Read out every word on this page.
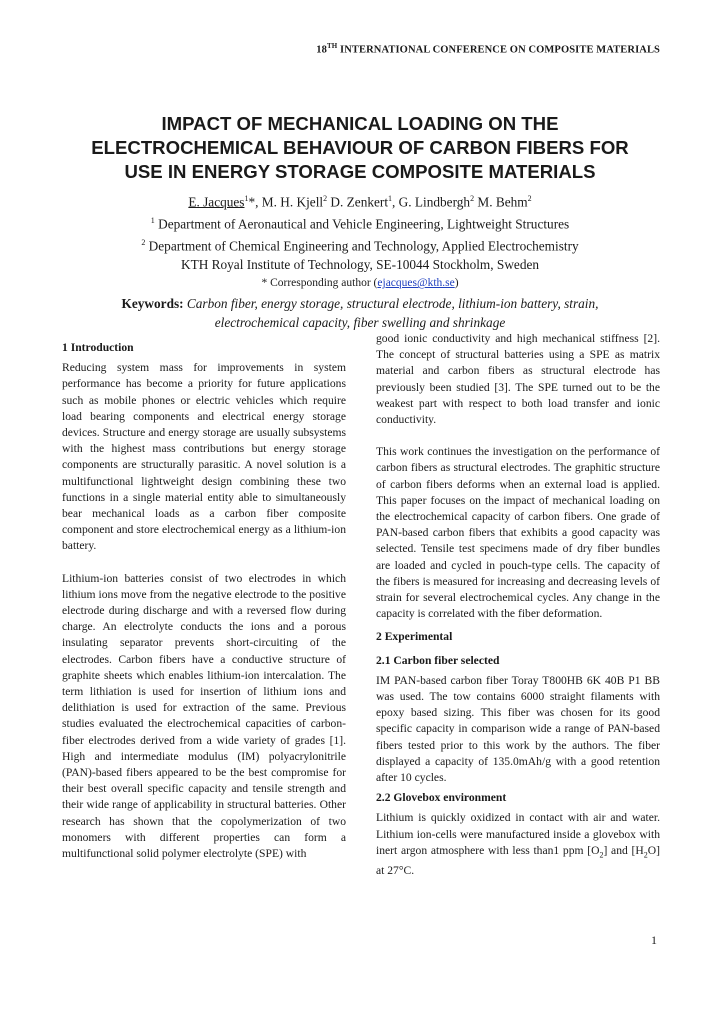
18TH INTERNATIONAL CONFERENCE ON COMPOSITE MATERIALS
IMPACT OF MECHANICAL LOADING ON THE
ELECTROCHEMICAL BEHAVIOUR OF CARBON FIBERS FOR
USE IN ENERGY STORAGE COMPOSITE MATERIALS
E. Jacques$^1$*, M. H. Kjell$^2$ D. Zenkert$^1$, G. Lindbergh$^2$ M. Behm$^2$
$^1$ Department of Aeronautical and Vehicle Engineering, Lightweight Structures
$^2$ Department of Chemical Engineering and Technology, Applied Electrochemistry
KTH Royal Institute of Technology, SE-10044 Stockholm, Sweden
* Corresponding author (ejacques@kth.se)
Keywords: Carbon fiber, energy storage, structural electrode, lithium-ion battery, strain, electrochemical capacity, fiber swelling and shrinkage
1 Introduction

Reducing system mass for improvements in system performance has become a priority for future applications such as mobile phones or electric vehicles which require load bearing components and electrical energy storage devices. Structure and energy storage are usually subsystems with the highest mass contributions but energy storage components are structurally parasitic. A novel solution is a multifunctional lightweight design combining these two functions in a single material entity able to simultaneously bear mechanical loads as a carbon fiber composite component and store electrochemical energy as a lithium-ion battery.

Lithium-ion batteries consist of two electrodes in which lithium ions move from the negative electrode to the positive electrode during discharge and with a reversed flow during charge. An electrolyte conducts the ions and a porous insulating separator prevents short-circuiting of the electrodes. Carbon fibers have a conductive structure of graphite sheets which enables lithium-ion intercalation. The term lithiation is used for insertion of lithium ions and delithiation is used for extraction of the same. Previous studies evaluated the electrochemical capacities of carbon-fiber electrodes derived from a wide variety of grades [1]. High and intermediate modulus (IM) polyacrylonitrile (PAN)-based fibers appeared to be the best compromise for their best overall specific capacity and tensile strength and their wide range of applicability in structural batteries. Other research has shown that the copolymerization of two monomers with different properties can form a multifunctional solid polymer electrolyte (SPE) with

good ionic conductivity and high mechanical stiffness [2]. The concept of structural batteries using a SPE as matrix material and carbon fibers as structural electrode has previously been studied [3]. The SPE turned out to be the weakest part with respect to both load transfer and ionic conductivity.

This work continues the investigation on the performance of carbon fibers as structural electrodes. The graphitic structure of carbon fibers deforms when an external load is applied. This paper focuses on the impact of mechanical loading on the electrochemical capacity of carbon fibers. One grade of PAN-based carbon fibers that exhibits a good capacity was selected. Tensile test specimens made of dry fiber bundles are loaded and cycled in pouch-type cells. The capacity of the fibers is measured for increasing and decreasing levels of strain for several electrochemical cycles. Any change in the capacity is correlated with the fiber deformation.

2 Experimental
2.1 Carbon fiber selected

IM PAN-based carbon fiber Toray T800HB 6K 40B P1 BB was used. The tow contains 6000 straight filaments with epoxy based sizing. This fiber was chosen for its good specific capacity in comparison wide a range of PAN-based fibers tested prior to this work by the authors. The fiber displayed a capacity of 135.0mAh/g with a good retention after 10 cycles.

2.2 Glovebox environment

Lithium is quickly oxidized in contact with air and water. Lithium ion-cells were manufactured inside a glovebox with inert argon atmosphere with less than1 ppm $[O_2]$ and $[H_2O]$ at 27°C.

1
